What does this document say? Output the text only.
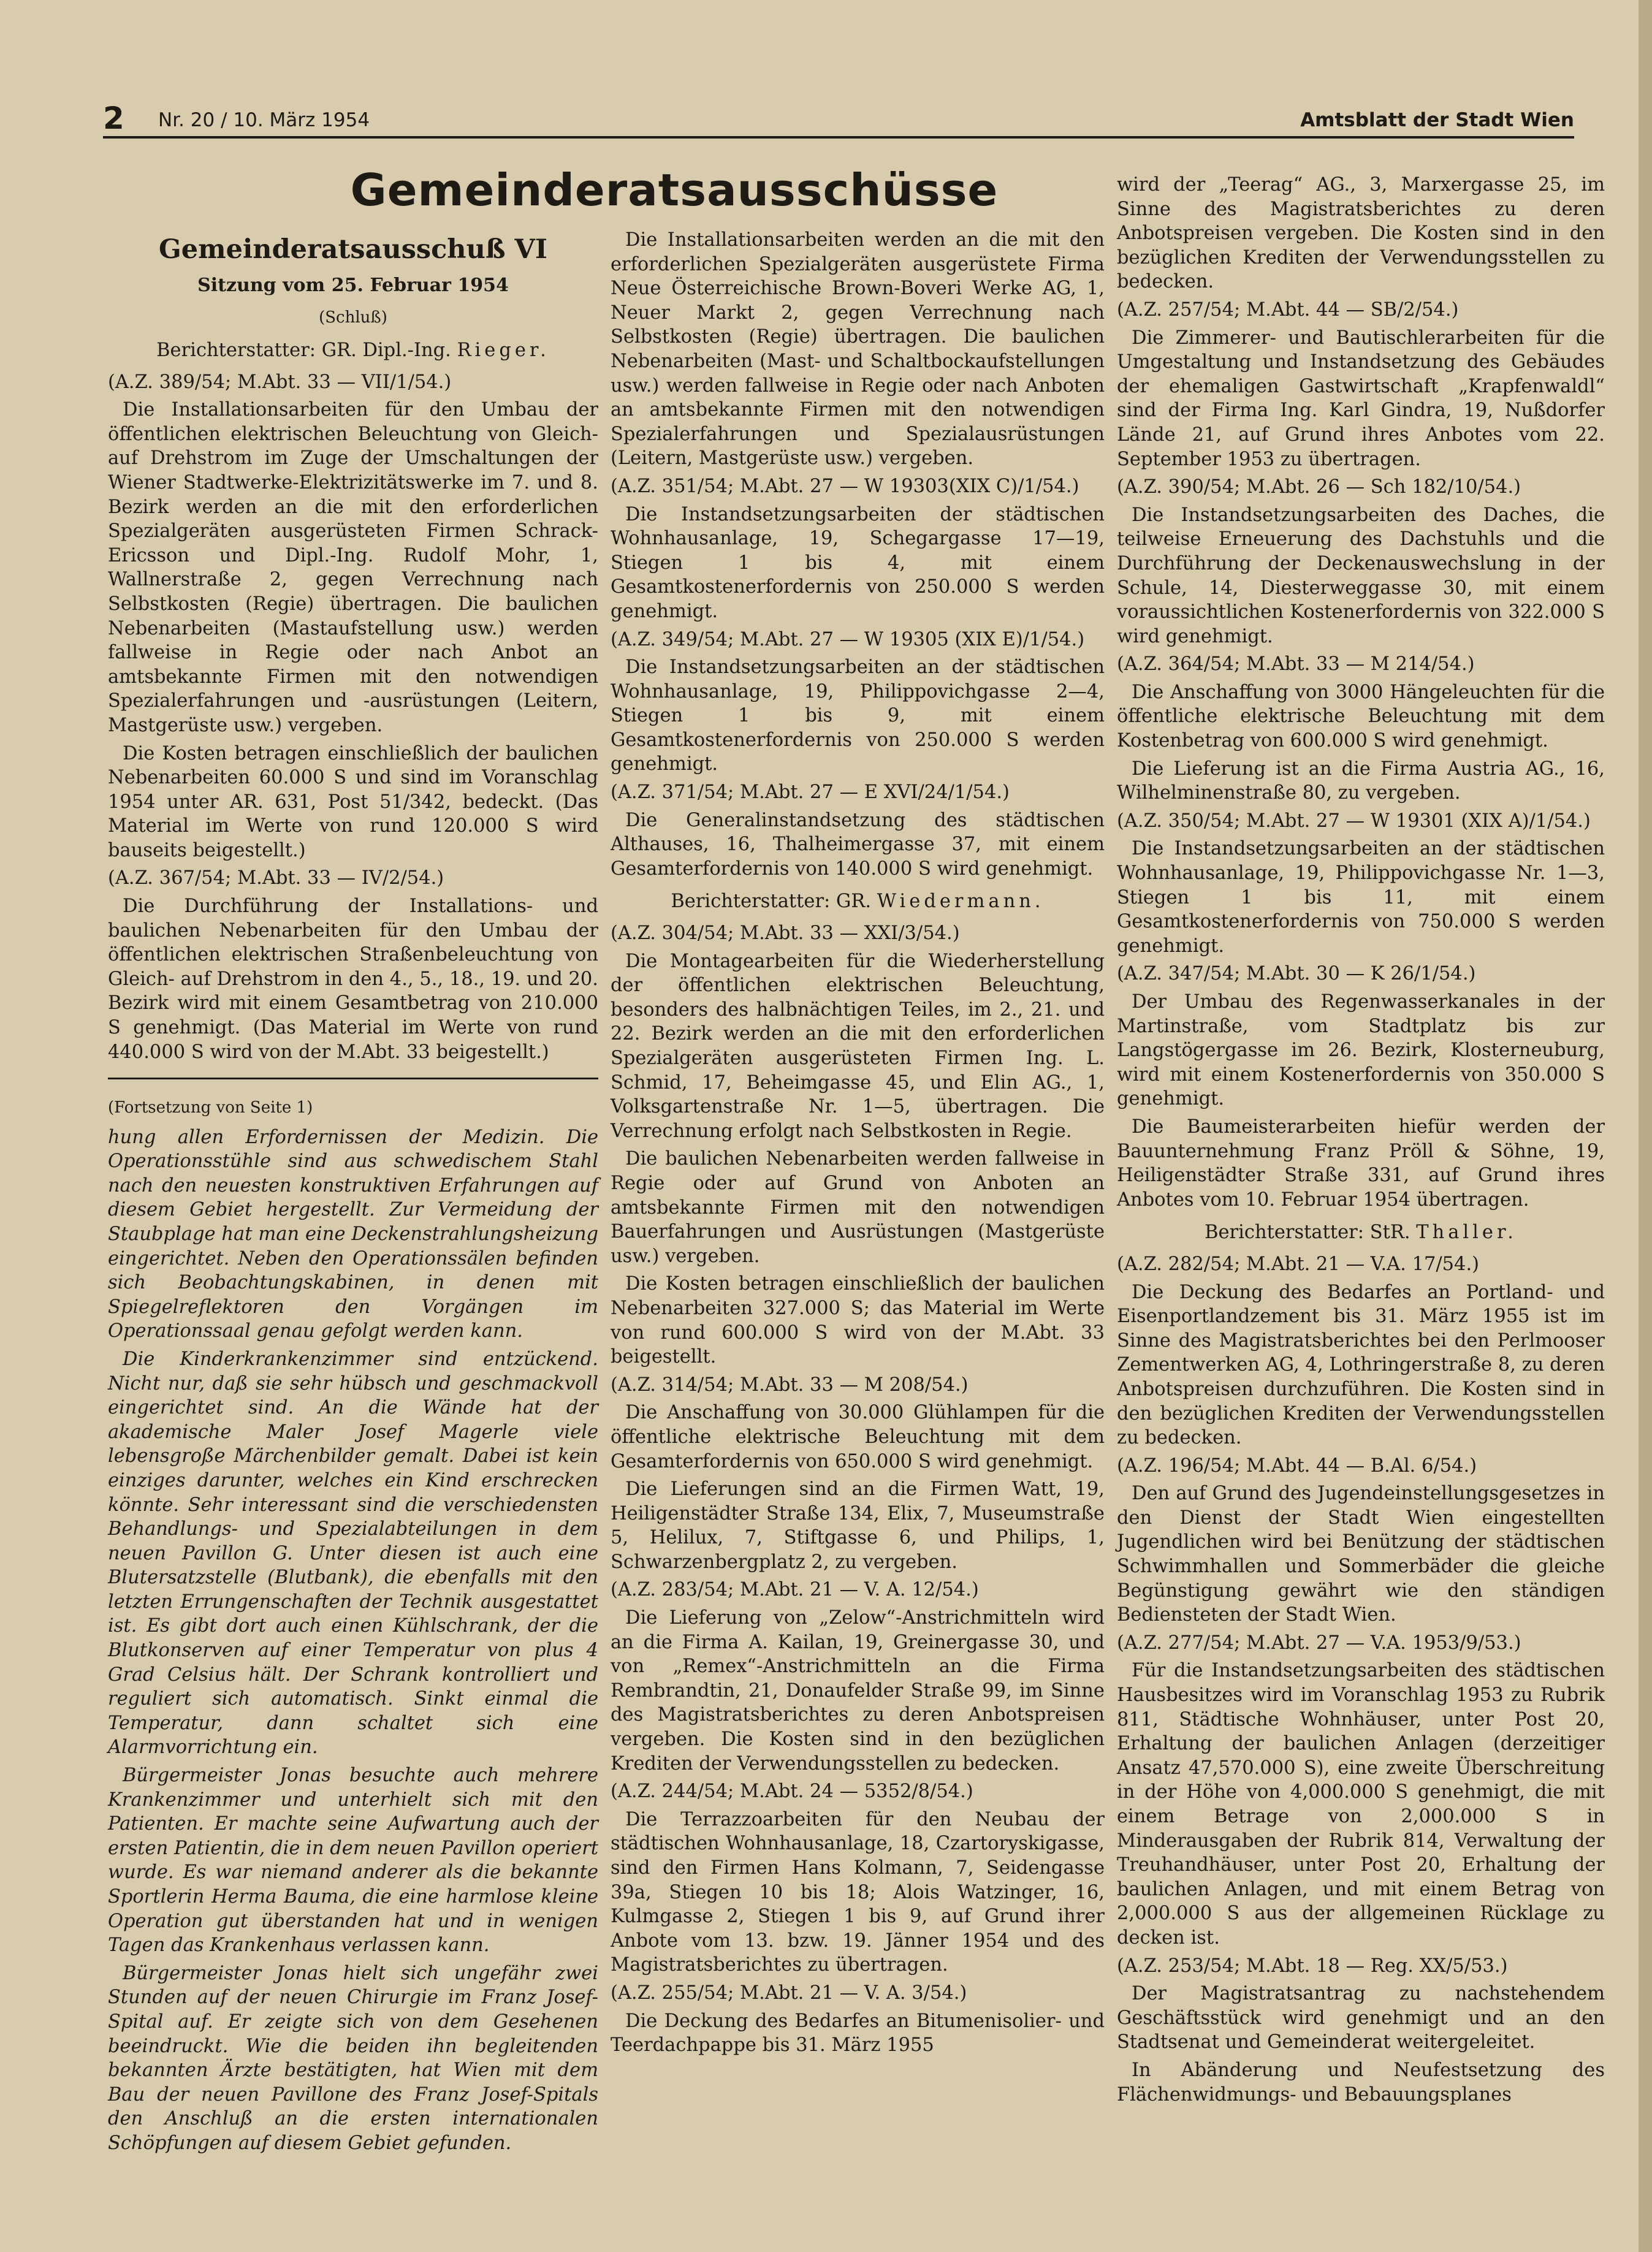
2 Nr. 20 / 10. März 1954	Amtsblatt der Stadt Wien
Gemeinderatsausschüsse
Gemeinderatsausschuß VI
Sitzung vom 25. Februar 1954
(Schluß)

Berichterstatter: GR. Dipl.-Ing. Rieger.

(A.Z. 389/54; M.Abt. 33 — VII/1/54.)

Die Installationsarbeiten für den Umbau der öffentlichen elektrischen Beleuchtung von Gleich- auf Drehstrom im Zuge der Umschaltungen der Wiener Stadtwerke-Elektrizitätswerke im 7. und 8. Bezirk werden an die mit den erforderlichen Spezialgeräten ausgerüsteten Firmen Schrack-Ericsson und Dipl.-Ing. Rudolf Mohr, 1, Wallnerstraße 2, gegen Verrechnung nach Selbstkosten (Regie) übertragen. Die baulichen Nebenarbeiten (Mastaufstellung usw.) werden fallweise in Regie oder nach Anbot an amtsbekannte Firmen mit den notwendigen Spezialerfahrungen und -ausrüstungen (Leitern, Mastgerüste usw.) vergeben.

Die Kosten betragen einschließlich der baulichen Nebenarbeiten 60.000 S und sind im Voranschlag 1954 unter AR. 631, Post 51/342, bedeckt. (Das Material im Werte von rund 120.000 S wird bauseits beigestellt.)

(A.Z. 367/54; M.Abt. 33 — IV/2/54.)

Die Durchführung der Installations- und baulichen Nebenarbeiten für den Umbau der öffentlichen elektrischen Straßenbeleuchtung von Gleich- auf Drehstrom in den 4., 5., 18., 19. und 20. Bezirk wird mit einem Gesamtbetrag von 210.000 S genehmigt. (Das Material im Werte von rund 440.000 S wird von der M.Abt. 33 beigestellt.)

(Fortsetzung von Seite 1)

hung allen Erfordernissen der Medizin. Die Operationsstühle sind aus schwedischem Stahl nach den neuesten konstruktiven Erfahrungen auf diesem Gebiet hergestellt. Zur Vermeidung der Staubplage hat man eine Deckenstrahlungsheizung eingerichtet. Neben den Operationssälen befinden sich Beobachtungskabinen, in denen mit Spiegelreflektoren den Vorgängen im Operationssaal genau gefolgt werden kann.

Die Kinderkrankenzimmer sind entzückend. Nicht nur, daß sie sehr hübsch und geschmackvoll eingerichtet sind. An die Wände hat der akademische Maler Josef Magerle viele lebensgroße Märchenbilder gemalt. Dabei ist kein einziges darunter, welches ein Kind erschrecken könnte. Sehr interessant sind die verschiedensten Behandlungs- und Spezialabteilungen in dem neuen Pavillon G. Unter diesen ist auch eine Blutersatzstelle (Blutbank), die ebenfalls mit den letzten Errungenschaften der Technik ausgestattet ist. Es gibt dort auch einen Kühlschrank, der die Blutkonserven auf einer Temperatur von plus 4 Grad Celsius hält. Der Schrank kontrolliert und reguliert sich automatisch. Sinkt einmal die Temperatur, dann schaltet sich eine Alarmvorrichtung ein.

Bürgermeister Jonas besuchte auch mehrere Krankenzimmer und unterhielt sich mit den Patienten. Er machte seine Aufwartung auch der ersten Patientin, die in dem neuen Pavillon operiert wurde. Es war niemand anderer als die bekannte Sportlerin Herma Bauma, die eine harmlose kleine Operation gut überstanden hat und in wenigen Tagen das Krankenhaus verlassen kann.

Bürgermeister Jonas hielt sich ungefähr zwei Stunden auf der neuen Chirurgie im Franz Josef-Spital auf. Er zeigte sich von dem Gesehenen beeindruckt. Wie die beiden ihn begleitenden bekannten Ärzte bestätigten, hat Wien mit dem Bau der neuen Pavillone des Franz Josef-Spitals den Anschluß an die ersten internationalen Schöpfungen auf diesem Gebiet gefunden.

Die Installationsarbeiten werden an die mit den erforderlichen Spezialgeräten ausgerüstete Firma Neue Österreichische Brown-Boveri Werke AG, 1, Neuer Markt 2, gegen Verrechnung nach Selbstkosten (Regie) übertragen. Die baulichen Nebenarbeiten (Mast- und Schaltbockaufstellungen usw.) werden fallweise in Regie oder nach Anboten an amtsbekannte Firmen mit den notwendigen Spezialerfahrungen und Spezialausrüstungen (Leitern, Mastgerüste usw.) vergeben.

(A.Z. 351/54; M.Abt. 27 — W 19303(XIX C)/1/54.)

Die Instandsetzungsarbeiten der städtischen Wohnhausanlage, 19, Schegargasse 17—19, Stiegen 1 bis 4, mit einem Gesamtkostenerfordernis von 250.000 S werden genehmigt.

(A.Z. 349/54; M.Abt. 27 — W 19305 (XIX E)/1/54.)

Die Instandsetzungsarbeiten an der städtischen Wohnhausanlage, 19, Philippovichgasse 2—4, Stiegen 1 bis 9, mit einem Gesamtkostenerfordernis von 250.000 S werden genehmigt.

(A.Z. 371/54; M.Abt. 27 — E XVI/24/1/54.)

Die Generalinstandsetzung des städtischen Althauses, 16, Thalheimergasse 37, mit einem Gesamterfordernis von 140.000 S wird genehmigt.

Berichterstatter: GR. Wiedermann.

(A.Z. 304/54; M.Abt. 33 — XXI/3/54.)

Die Montagearbeiten für die Wiederherstellung der öffentlichen elektrischen Beleuchtung, besonders des halbnächtigen Teiles, im 2., 21. und 22. Bezirk werden an die mit den erforderlichen Spezialgeräten ausgerüsteten Firmen Ing. L. Schmid, 17, Beheimgasse 45, und Elin AG., 1, Volksgartenstraße Nr. 1—5, übertragen. Die Verrechnung erfolgt nach Selbstkosten in Regie.

Die baulichen Nebenarbeiten werden fallweise in Regie oder auf Grund von Anboten an amtsbekannte Firmen mit den notwendigen Bauerfahrungen und Ausrüstungen (Mastgerüste usw.) vergeben.

Die Kosten betragen einschließlich der baulichen Nebenarbeiten 327.000 S; das Material im Werte von rund 600.000 S wird von der M.Abt. 33 beigestellt.

(A.Z. 314/54; M.Abt. 33 — M 208/54.)

Die Anschaffung von 30.000 Glühlampen für die öffentliche elektrische Beleuchtung mit dem Gesamterfordernis von 650.000 S wird genehmigt.

Die Lieferungen sind an die Firmen Watt, 19, Heiligenstädter Straße 134, Elix, 7, Museumstraße 5, Helilux, 7, Stiftgasse 6, und Philips, 1, Schwarzenbergplatz 2, zu vergeben.

(A.Z. 283/54; M.Abt. 21 — V. A. 12/54.)

Die Lieferung von „Zelow“-Anstrichmitteln wird an die Firma A. Kailan, 19, Greinergasse 30, und von „Remex“-Anstrichmitteln an die Firma Rembrandtin, 21, Donaufelder Straße 99, im Sinne des Magistratsberichtes zu deren Anbotspreisen vergeben. Die Kosten sind in den bezüglichen Krediten der Verwendungsstellen zu bedecken.

(A.Z. 244/54; M.Abt. 24 — 5352/8/54.)

Die Terrazzoarbeiten für den Neubau der städtischen Wohnhausanlage, 18, Czartoryskigasse, sind den Firmen Hans Kolmann, 7, Seidengasse 39a, Stiegen 10 bis 18; Alois Watzinger, 16, Kulmgasse 2, Stiegen 1 bis 9, auf Grund ihrer Anbote vom 13. bzw. 19. Jänner 1954 und des Magistratsberichtes zu übertragen.

(A.Z. 255/54; M.Abt. 21 — V. A. 3/54.)

Die Deckung des Bedarfes an Bitumenisolier- und Teerdachpappe bis 31. März 1955

wird der „Teerag“ AG., 3, Marxergasse 25, im Sinne des Magistratsberichtes zu deren Anbotspreisen vergeben. Die Kosten sind in den bezüglichen Krediten der Verwendungsstellen zu bedecken.

(A.Z. 257/54; M.Abt. 44 — SB/2/54.)

Die Zimmerer- und Bautischlerarbeiten für die Umgestaltung und Instandsetzung des Gebäudes der ehemaligen Gastwirtschaft „Krapfenwaldl“ sind der Firma Ing. Karl Gindra, 19, Nußdorfer Lände 21, auf Grund ihres Anbotes vom 22. September 1953 zu übertragen.

(A.Z. 390/54; M.Abt. 26 — Sch 182/10/54.)

Die Instandsetzungsarbeiten des Daches, die teilweise Erneuerung des Dachstuhls und die Durchführung der Deckenauswechslung in der Schule, 14, Diesterweggasse 30, mit einem voraussichtlichen Kostenerfordernis von 322.000 S wird genehmigt.

(A.Z. 364/54; M.Abt. 33 — M 214/54.)

Die Anschaffung von 3000 Hängeleuchten für die öffentliche elektrische Beleuchtung mit dem Kostenbetrag von 600.000 S wird genehmigt.

Die Lieferung ist an die Firma Austria AG., 16, Wilhelminenstraße 80, zu vergeben.

(A.Z. 350/54; M.Abt. 27 — W 19301 (XIX A)/1/54.)

Die Instandsetzungsarbeiten an der städtischen Wohnhausanlage, 19, Philippovichgasse Nr. 1—3, Stiegen 1 bis 11, mit einem Gesamtkostenerfordernis von 750.000 S werden genehmigt.

(A.Z. 347/54; M.Abt. 30 — K 26/1/54.)

Der Umbau des Regenwasserkanales in der Martinstraße, vom Stadtplatz bis zur Langstögergasse im 26. Bezirk, Klosterneuburg, wird mit einem Kostenerfordernis von 350.000 S genehmigt.

Die Baumeisterarbeiten hiefür werden der Bauunternehmung Franz Pröll & Söhne, 19, Heiligenstädter Straße 331, auf Grund ihres Anbotes vom 10. Februar 1954 übertragen.

Berichterstatter: StR. Thaller.

(A.Z. 282/54; M.Abt. 21 — V.A. 17/54.)

Die Deckung des Bedarfes an Portland- und Eisenportlandzement bis 31. März 1955 ist im Sinne des Magistratsberichtes bei den Perlmooser Zementwerken AG, 4, Lothringerstraße 8, zu deren Anbotspreisen durchzuführen. Die Kosten sind in den bezüglichen Krediten der Verwendungsstellen zu bedecken.

(A.Z. 196/54; M.Abt. 44 — B.Al. 6/54.)

Den auf Grund des Jugendeinstellungsgesetzes in den Dienst der Stadt Wien eingestellten Jugendlichen wird bei Benützung der städtischen Schwimmhallen und Sommerbäder die gleiche Begünstigung gewährt wie den ständigen Bediensteten der Stadt Wien.

(A.Z. 277/54; M.Abt. 27 — V.A. 1953/9/53.)

Für die Instandsetzungsarbeiten des städtischen Hausbesitzes wird im Voranschlag 1953 zu Rubrik 811, Städtische Wohnhäuser, unter Post 20, Erhaltung der baulichen Anlagen (derzeitiger Ansatz 47,570.000 S), eine zweite Überschreitung in der Höhe von 4,000.000 S genehmigt, die mit einem Betrage von 2,000.000 S in Minderausgaben der Rubrik 814, Verwaltung der Treuhandhäuser, unter Post 20, Erhaltung der baulichen Anlagen, und mit einem Betrag von 2,000.000 S aus der allgemeinen Rücklage zu decken ist.

(A.Z. 253/54; M.Abt. 18 — Reg. XX/5/53.)

Der Magistratsantrag zu nachstehendem Geschäftsstück wird genehmigt und an den Stadtsenat und Gemeinderat weitergeleitet.

In Abänderung und Neufestsetzung des Flächenwidmungs- und Bebauungsplanes
